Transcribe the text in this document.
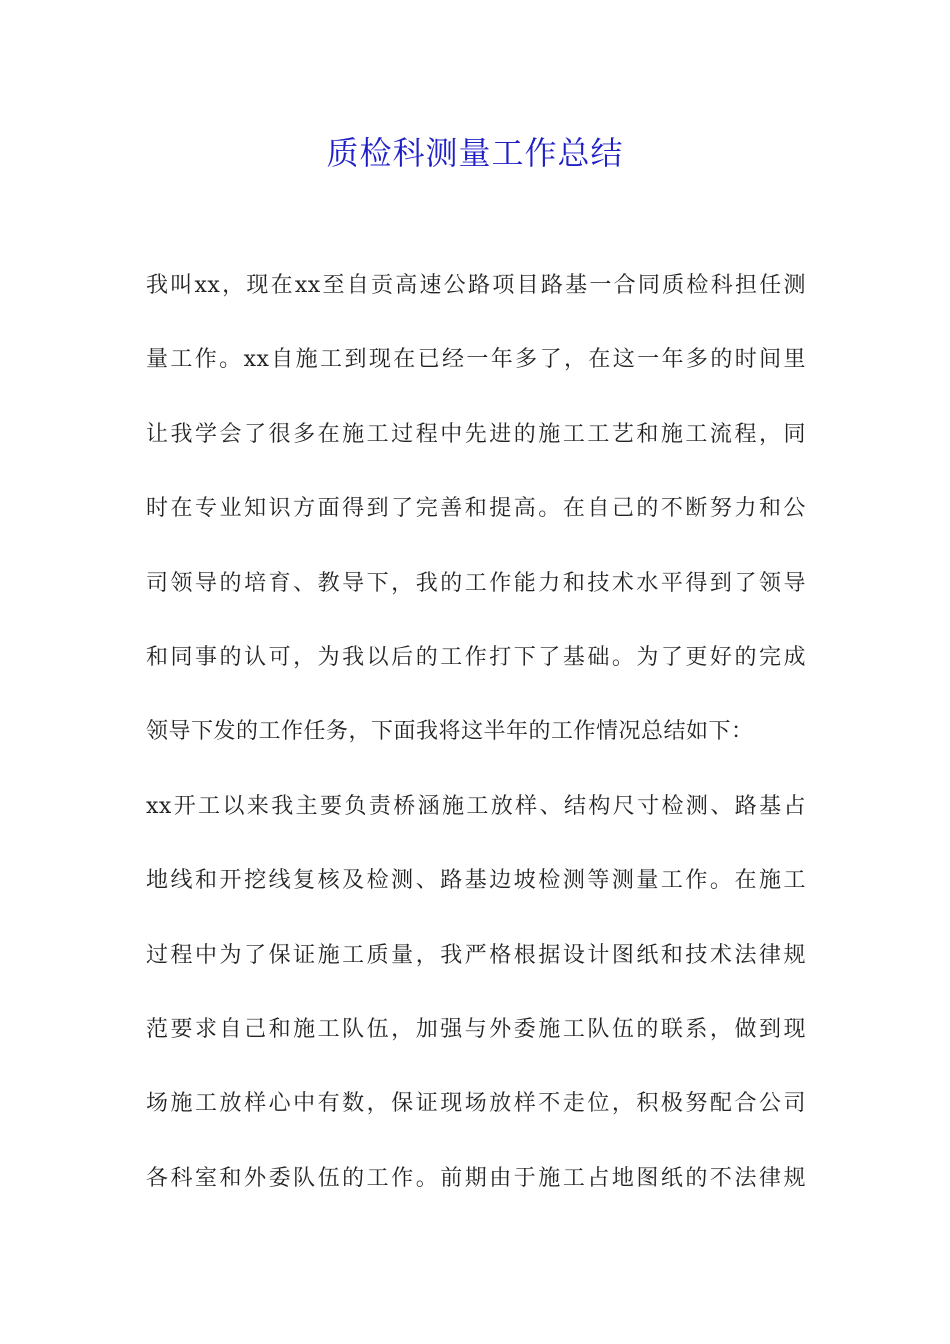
质检科测量工作总结
我叫xx，现在xx至自贡高速公路项目路基一合同质检科担任测
量工作。xx自施工到现在已经一年多了，在这一年多的时间里
让我学会了很多在施工过程中先进的施工工艺和施工流程，同
时在专业知识方面得到了完善和提高。在自己的不断努力和公
司领导的培育、教导下，我的工作能力和技术水平得到了领导
和同事的认可，为我以后的工作打下了基础。为了更好的完成
领导下发的工作任务，下面我将这半年的工作情况总结如下：
xx开工以来我主要负责桥涵施工放样、结构尺寸检测、路基占
地线和开挖线复核及检测、路基边坡检测等测量工作。在施工
过程中为了保证施工质量，我严格根据设计图纸和技术法律规
范要求自己和施工队伍，加强与外委施工队伍的联系，做到现
场施工放样心中有数，保证现场放样不走位，积极努配合公司
各科室和外委队伍的工作。前期由于施工占地图纸的不法律规
